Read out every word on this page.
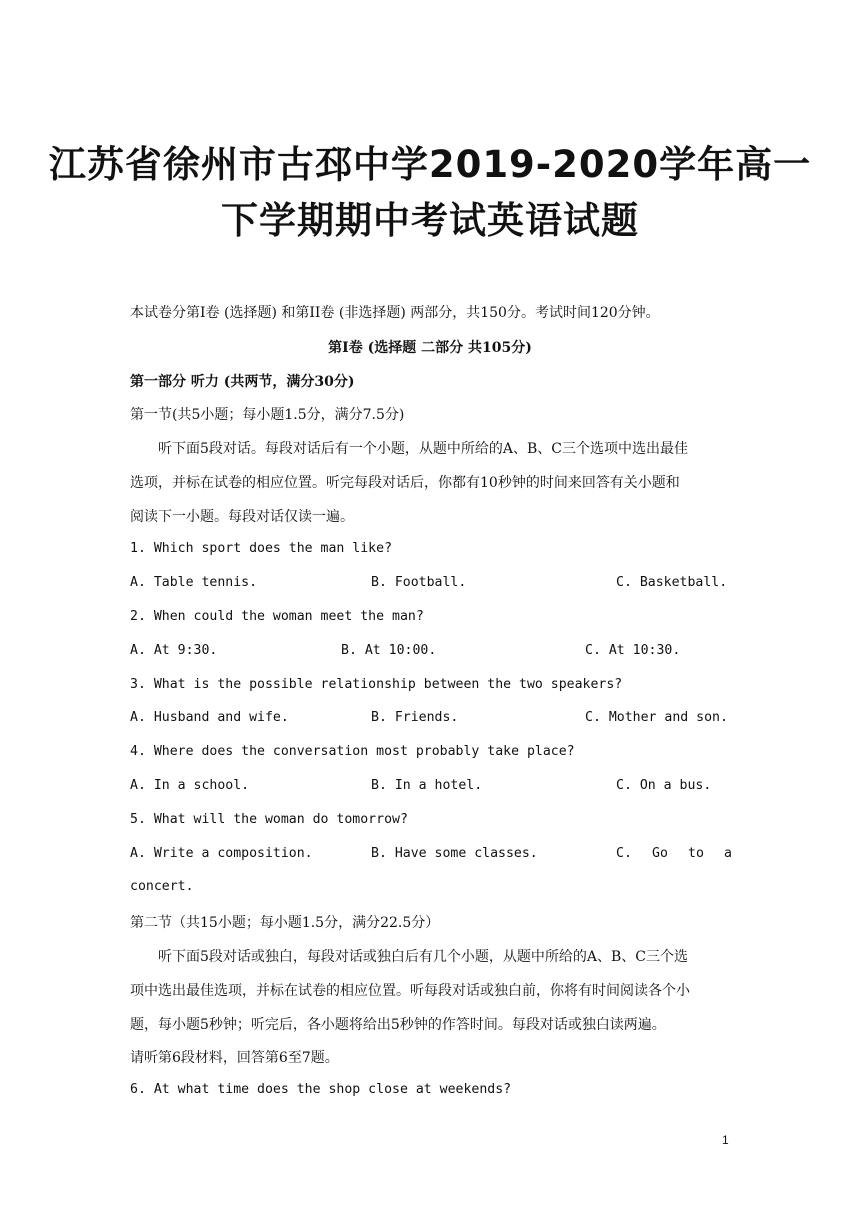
江苏省徐州市古邳中学2019-2020学年高一
下学期期中考试英语试题
本试卷分第I卷 (选择题) 和第II卷 (非选择题) 两部分，共150分。考试时间120分钟。
第I卷 (选择题 二部分 共105分)
第一部分 听力 (共两节，满分30分)
第一节(共5小题；每小题1.5分，满分7.5分)
听下面5段对话。每段对话后有一个小题，从题中所给的A、B、C三个选项中选出最佳
选项，并标在试卷的相应位置。听完每段对话后，你都有10秒钟的时间来回答有关小题和
阅读下一小题。每段对话仅读一遍。
1. Which sport does the man like?
A. Table tennis.	B. Football.	C. Basketball.
2. When could the woman meet the man?
A. At 9:30.	B. At 10:00.	C. At 10:30.
3. What is the possible relationship between the two speakers?
A. Husband and wife.	B. Friends.	C. Mother and son.
4. Where does the conversation most probably take place?
A. In a school.	B. In a hotel.	C. On a bus.
5. What will the woman do tomorrow?
A. Write a composition.	B. Have some classes.	C. Go to a
concert.
第二节（共15小题；每小题1.5分，满分22.5分）
听下面5段对话或独白，每段对话或独白后有几个小题，从题中所给的A、B、C三个选
项中选出最佳选项，并标在试卷的相应位置。听每段对话或独白前，你将有时间阅读各个小
题，每小题5秒钟；听完后，各小题将给出5秒钟的作答时间。每段对话或独白读两遍。
请听第6段材料，回答第6至7题。
6. At what time does the shop close at weekends?
1
